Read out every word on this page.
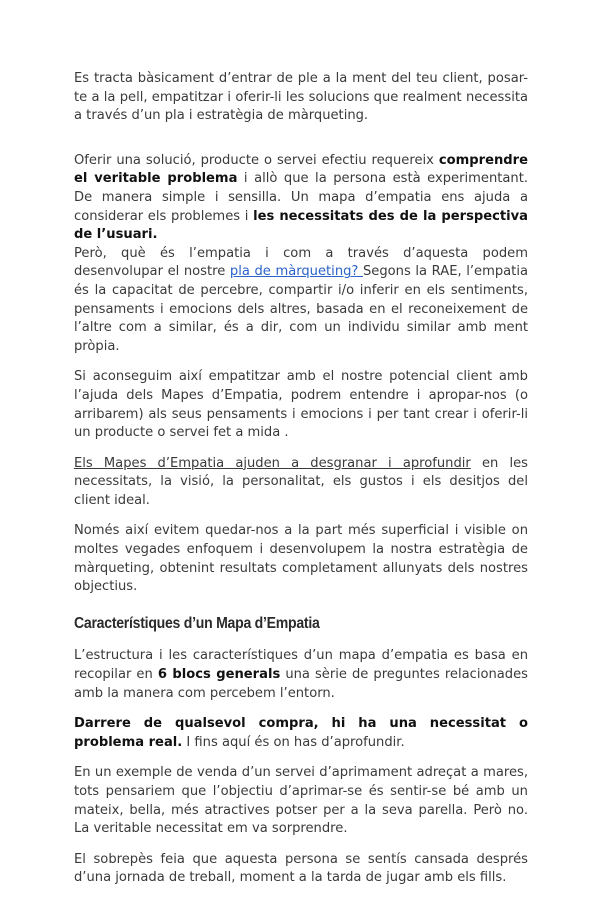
Es tracta bàsicament d’entrar de ple a la ment del teu client, posar-te a la pell, empatitzar i oferir-li les solucions que realment necessita a través d’un pla i estratègia de màrqueting.

Oferir una solució, producte o servei efectiu requereix comprendre el veritable problema i allò que la persona està experimentant. De manera simple i sensilla. Un mapa d’empatia ens ajuda a considerar els problemes i les necessitats des de la perspectiva de l’usuari.

Però, què és l’empatia i com a través d’aquesta podem desenvolupar el nostre pla de màrqueting? Segons la RAE, l’empatia és la capacitat de percebre, compartir i/o inferir en els sentiments, pensaments i emocions dels altres, basada en el reconeixement de l’altre com a similar, és a dir, com un individu similar amb ment pròpia.

Si aconseguim així empatitzar amb el nostre potencial client amb l’ajuda dels Mapes d’Empatia, podrem entendre i apropar-nos (o arribarem) als seus pensaments i emocions i per tant crear i oferir-li un producte o servei fet a mida .

Els Mapes d’Empatia ajuden a desgranar i aprofundir en les necessitats, la visió, la personalitat, els gustos i els desitjos del client ideal.

Només així evitem quedar-nos a la part més superficial i visible on moltes vegades enfoquem i desenvolupem la nostra estratègia de màrqueting, obtenint resultats completament allunyats dels nostres objectius.

Característiques d’un Mapa d’Empatia

L’estructura i les característiques d’un mapa d’empatia es basa en recopilar en 6 blocs generals una sèrie de preguntes relacionades amb la manera com percebem l’entorn.

Darrere de qualsevol compra, hi ha una necessitat o problema real. I fins aquí és on has d’aprofundir.

En un exemple de venda d’un servei d’aprimament adreçat a mares, tots pensariem que l’objectiu d’aprimar-se és sentir-se bé amb un mateix, bella, més atractives potser per a la seva parella. Però no. La veritable necessitat em va sorprendre.

El sobrepès feia que aquesta persona se sentís cansada després d’una jornada de treball, moment a la tarda de jugar amb els fills.
